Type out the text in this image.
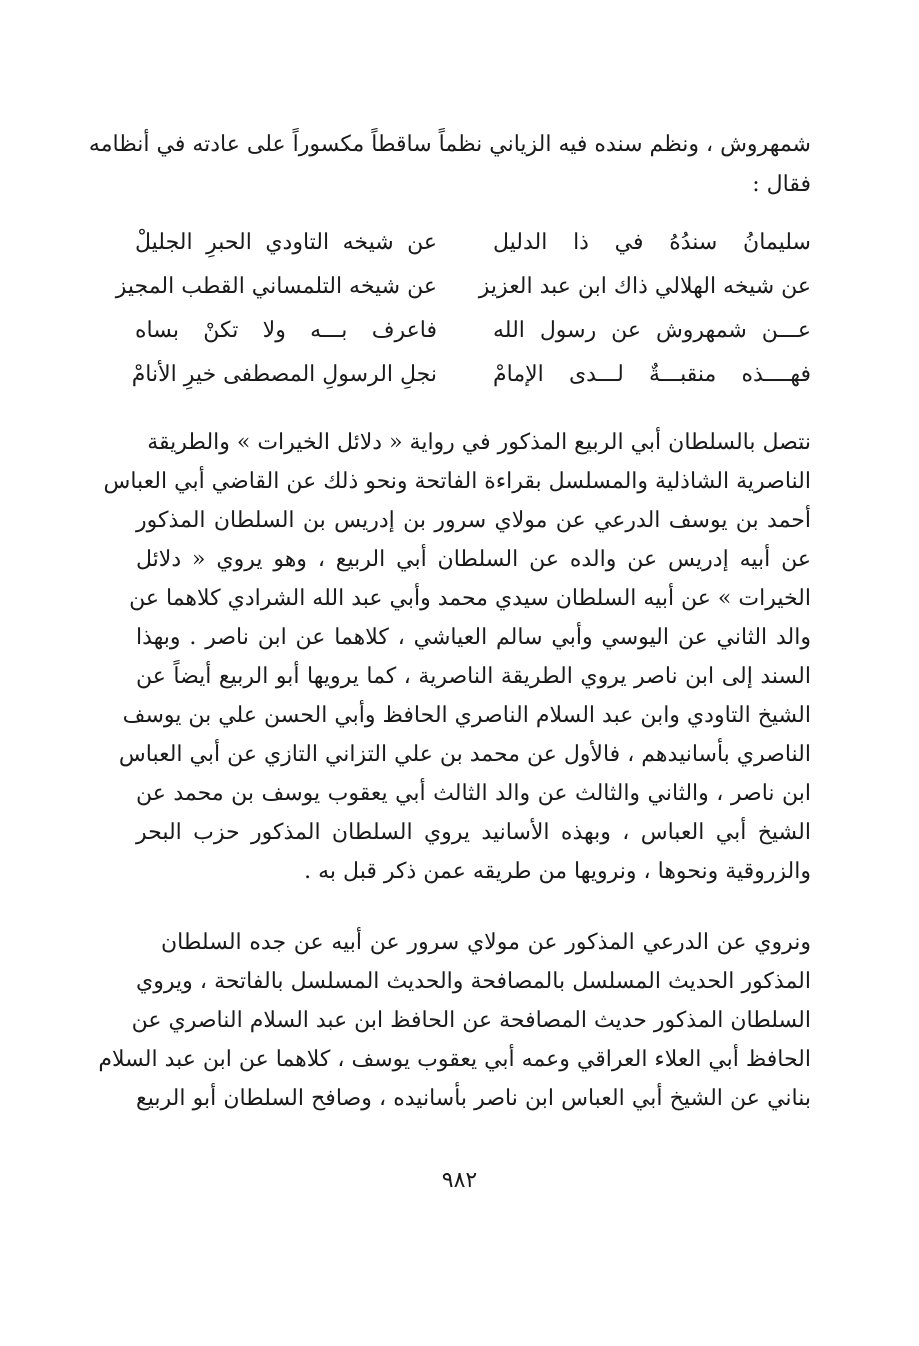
شمهروش ، ونظم سنده فيه الزياني نظماً ساقطاً مكسوراً على عادته في أنظامه
فقال :
سليمانُ سندُهُ في ذا الدليل
عن شيخه التاودي الحبرِ الجليلْ
عن شيخه الهلالي ذاك ابن عبد العزيز
عن شيخه التلمساني القطب المجيز
عـــن شمهروش عن رسول الله
فاعرف بـــه ولا تكنْ بساه
فهــــذه منقبـــةٌ لـــدى الإمامْ
نجلِ الرسولِ المصطفى خيرِ الأنامْ
نتصل بالسلطان أبي الربيع المذكور في رواية « دلائل الخيرات » والطريقة
الناصرية الشاذلية والمسلسل بقراءة الفاتحة ونحو ذلك عن القاضي أبي العباس
أحمد بن يوسف الدرعي عن مولاي سرور بن إدريس بن السلطان المذكور
عن أبيه إدريس عن والده عن السلطان أبي الربيع ، وهو يروي « دلائل
الخيرات » عن أبيه السلطان سيدي محمد وأبي عبد الله الشرادي كلاهما عن
والد الثاني عن اليوسي وأبي سالم العياشي ، كلاهما عن ابن ناصر . وبهذا
السند إلى ابن ناصر يروي الطريقة الناصرية ، كما يرويها أبو الربيع أيضاً عن
الشيخ التاودي وابن عبد السلام الناصري الحافظ وأبي الحسن علي بن يوسف
الناصري بأسانيدهم ، فالأول عن محمد بن علي التزاني التازي عن أبي العباس
ابن ناصر ، والثاني والثالث عن والد الثالث أبي يعقوب يوسف بن محمد عن
الشيخ أبي العباس ، وبهذه الأسانيد يروي السلطان المذكور حزب البحر
والزروقية ونحوها ، ونرويها من طريقه عمن ذكر قبل به .
ونروي عن الدرعي المذكور عن مولاي سرور عن أبيه عن جده السلطان
المذكور الحديث المسلسل بالمصافحة والحديث المسلسل بالفاتحة ، ويروي
السلطان المذكور حديث المصافحة عن الحافظ ابن عبد السلام الناصري عن
الحافظ أبي العلاء العراقي وعمه أبي يعقوب يوسف ، كلاهما عن ابن عبد السلام
بناني عن الشيخ أبي العباس ابن ناصر بأسانيده ، وصافح السلطان أبو الربيع
٩٨٢
